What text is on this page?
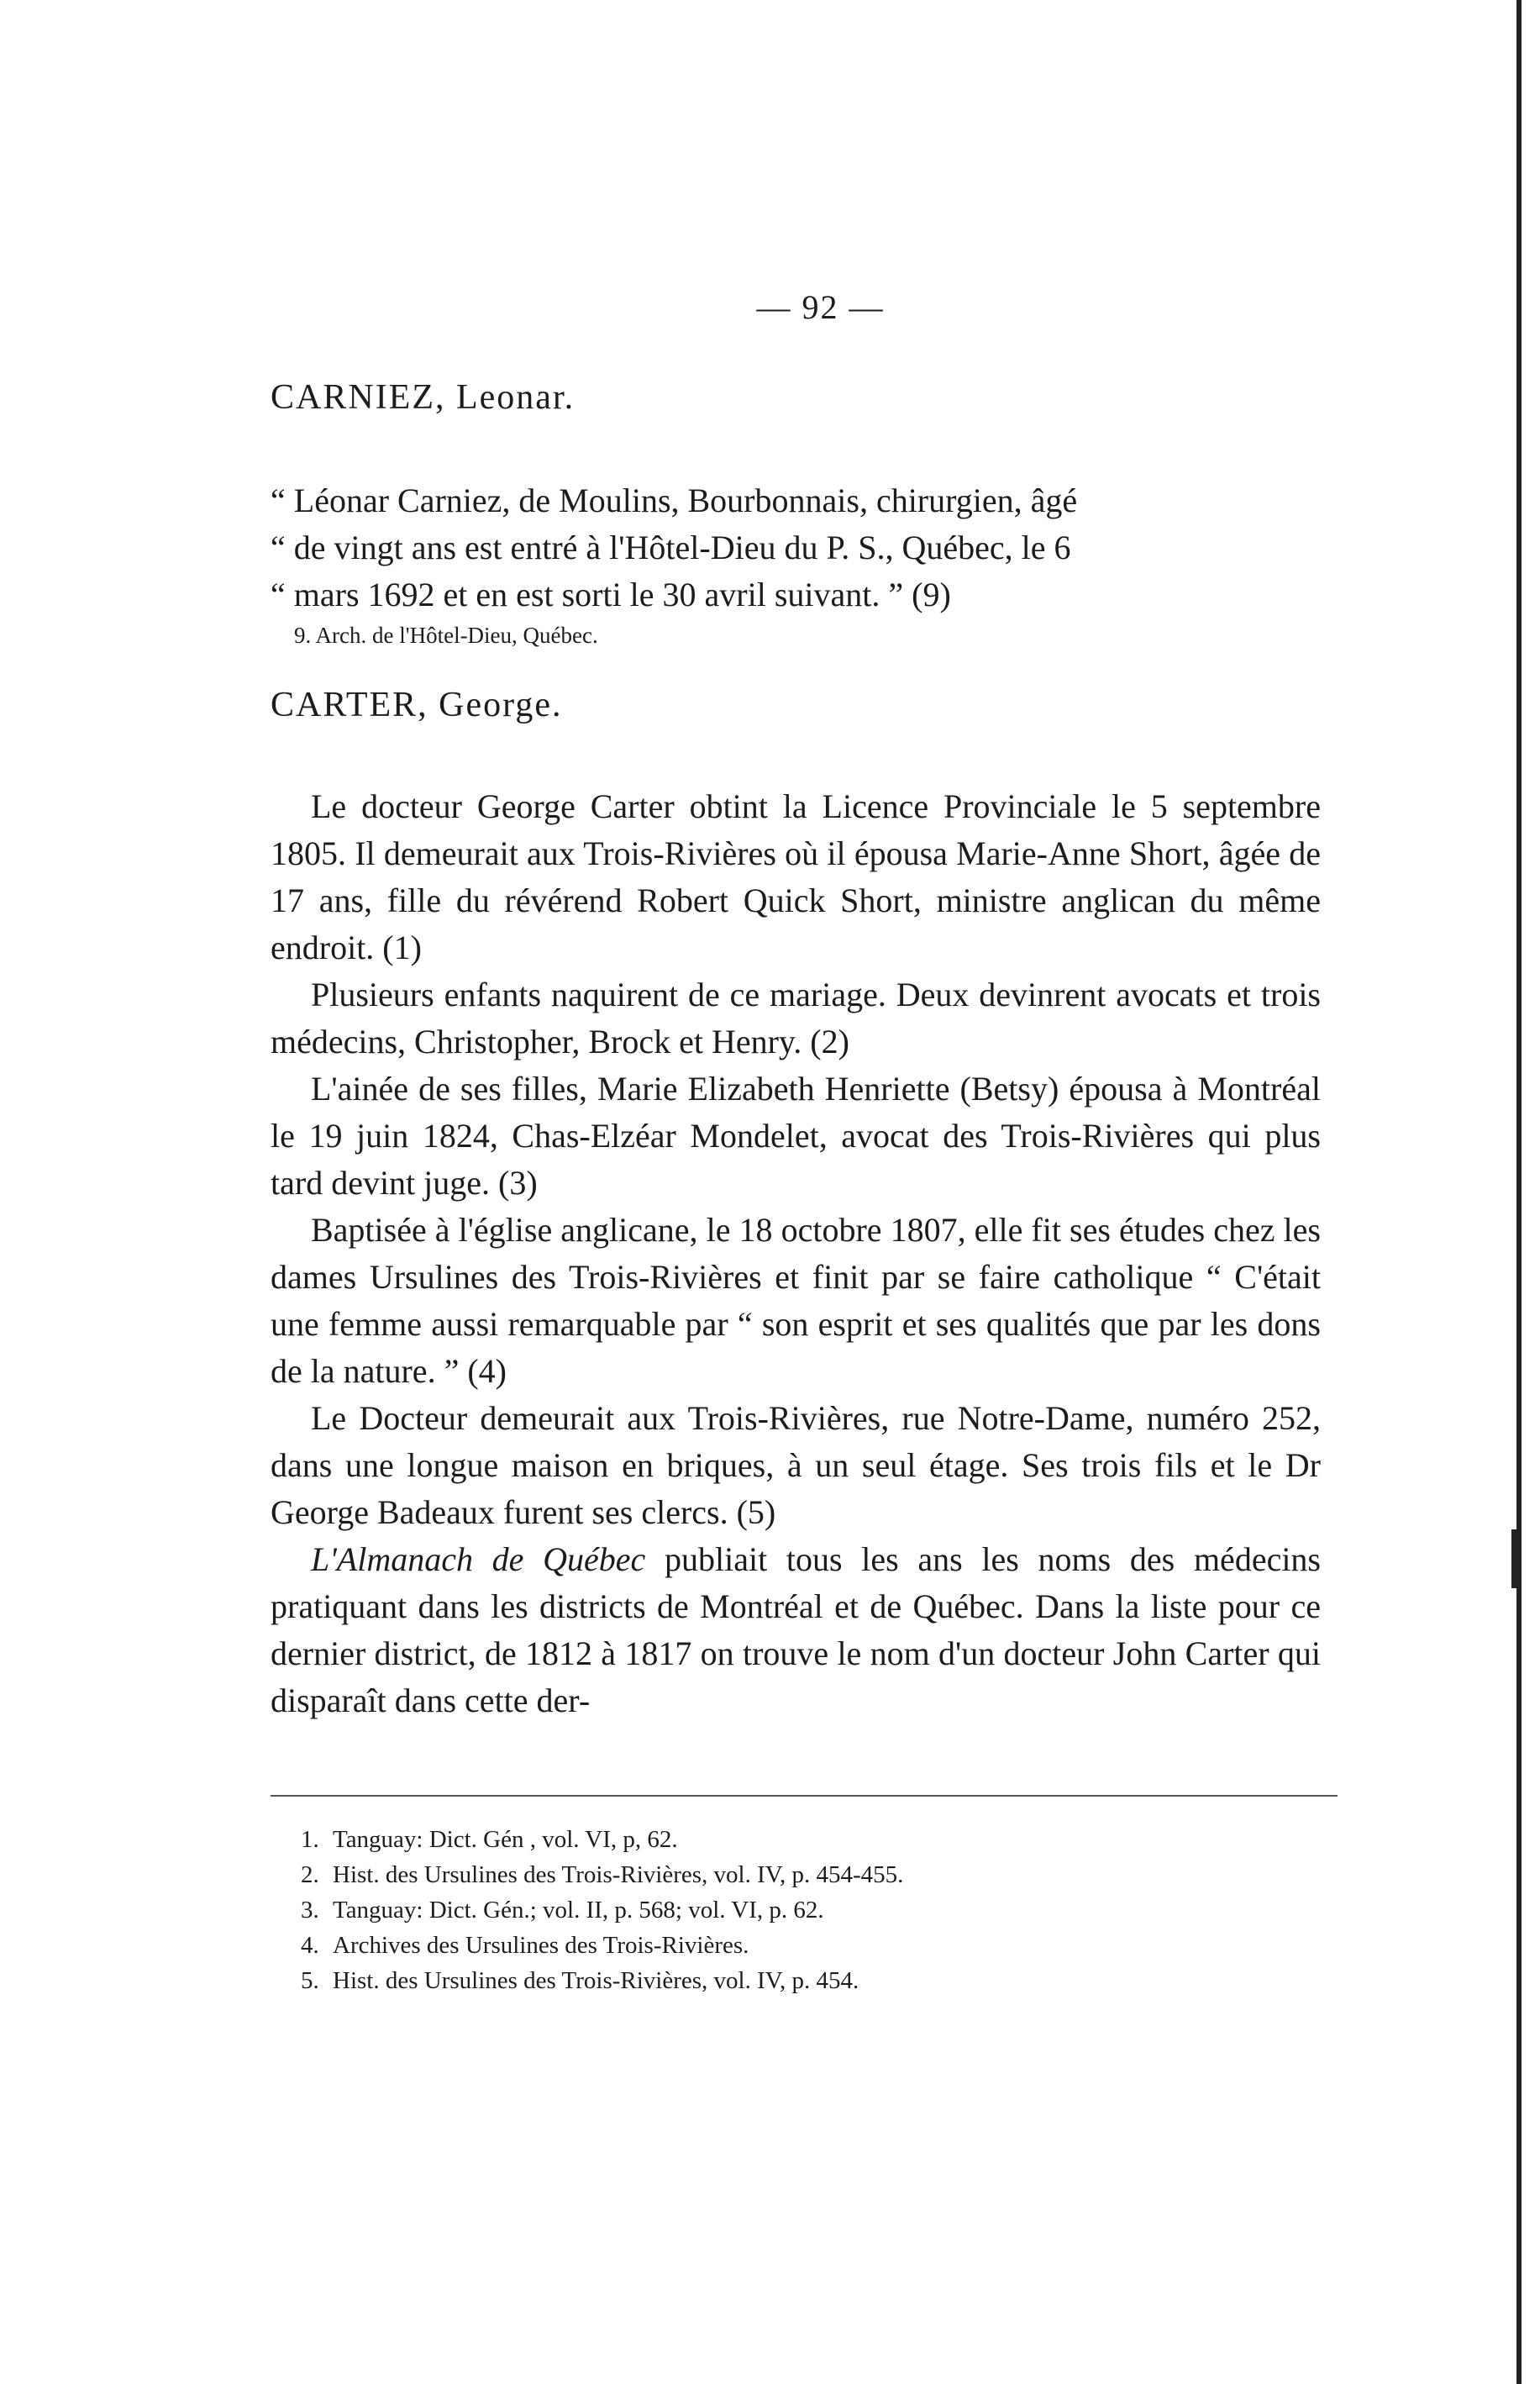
— 92 —

CARNIEZ, Leonar.

“ Léonar Carniez, de Moulins, Bourbonnais, chirurgien, âgé

“ de vingt ans est entré à l'Hôtel-Dieu du P. S., Québec, le 6

“ mars 1692 et en est sorti le 30 avril suivant. ” (9)

9. Arch. de l'Hôtel-Dieu, Québec.

CARTER, George.

Le docteur George Carter obtint la Licence Provinciale le 5 septembre 1805. Il demeurait aux Trois-Rivières où il épousa Marie-Anne Short, âgée de 17 ans, fille du révérend Robert Quick Short, ministre anglican du même endroit. (1)

Plusieurs enfants naquirent de ce mariage. Deux devinrent avocats et trois médecins, Christopher, Brock et Henry. (2)

L'ainée de ses filles, Marie Elizabeth Henriette (Betsy) épousa à Montréal le 19 juin 1824, Chas-Elzéar Mondelet, avocat des Trois-Rivières qui plus tard devint juge. (3)

Baptisée à l'église anglicane, le 18 octobre 1807, elle fit ses études chez les dames Ursulines des Trois-Rivières et finit par se faire catholique “ C'était une femme aussi remarquable par “ son esprit et ses qualités que par les dons de la nature. ” (4)

Le Docteur demeurait aux Trois-Rivières, rue Notre-Dame, numéro 252, dans une longue maison en briques, à un seul étage. Ses trois fils et le Dr George Badeaux furent ses clercs. (5)

L'Almanach de Québec publiait tous les ans les noms des médecins pratiquant dans les districts de Montréal et de Québec. Dans la liste pour ce dernier district, de 1812 à 1817 on trouve le nom d'un docteur John Carter qui disparaît dans cette der-

1. Tanguay: Dict. Gén , vol. VI, p, 62.

2. Hist. des Ursulines des Trois-Rivières, vol. IV, p. 454-455.

3. Tanguay: Dict. Gén.; vol. II, p. 568; vol. VI, p. 62.

4. Archives des Ursulines des Trois-Rivières.

5. Hist. des Ursulines des Trois-Rivières, vol. IV, p. 454.
